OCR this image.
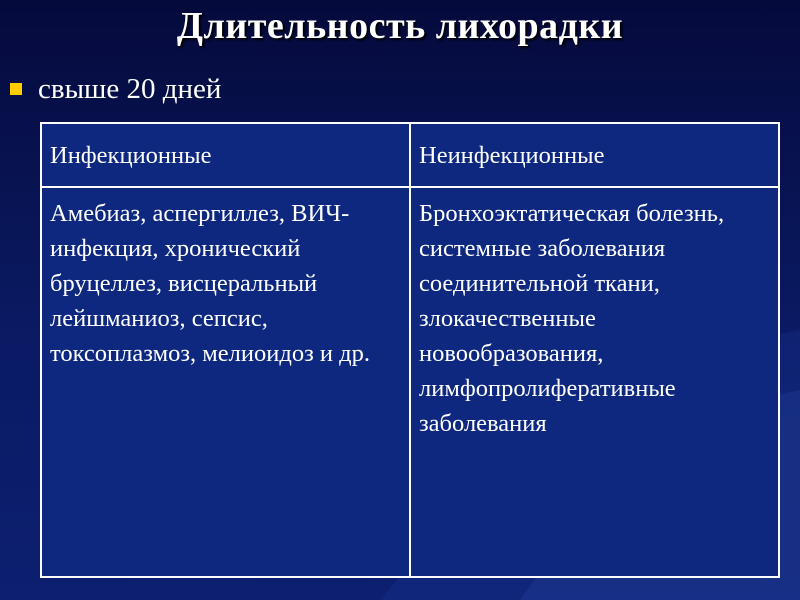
Длительность лихорадки
свыше 20 дней
Инфекционные	Неинфекционные
Амебиаз, аспергиллез, ВИЧ-инфекция, хронический бруцеллез, висцеральный лейшманиоз, сепсис, токсоплазмоз, мелиоидоз и др.	Бронхоэктатическая болезнь, системные заболевания соединительной ткани, злокачественные новообразования, лимфопролиферативные заболевания
